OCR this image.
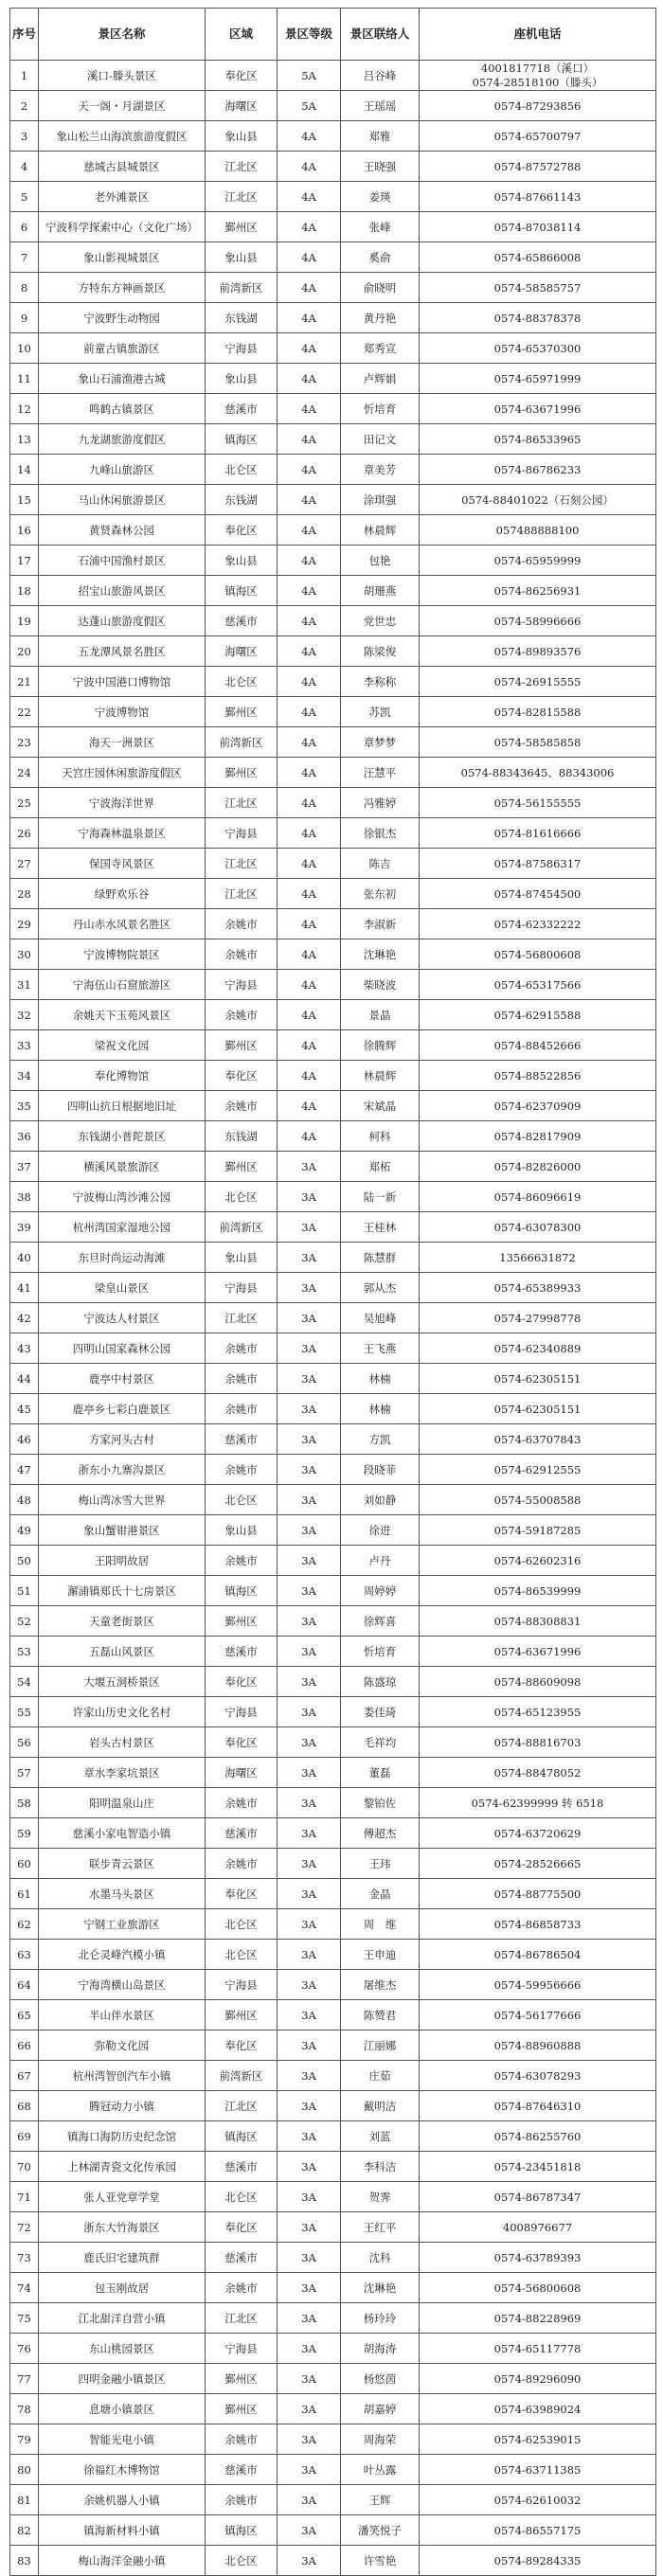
序号	景区名称	区域	景区等级	景区联络人	座机电话
1	溪口-滕头景区	奉化区	5A	吕谷峰	4001817718（溪口）
0574-28518100（滕头）
2	天一阁・月湖景区	海曙区	5A	王瑶瑶	0574-87293856
3	象山松兰山海滨旅游度假区	象山县	4A	郑雅	0574-65700797
4	慈城古县城景区	江北区	4A	王晓强	0574-87572788
5	老外滩景区	江北区	4A	姜瑛	0574-87661143
6	宁波科学探索中心（文化广场）	鄞州区	4A	张峰	0574-87038114
7	象山影视城景区	象山县	4A	奚俞	0574-65866008
8	方特东方神画景区	前湾新区	4A	俞晓明	0574-58585757
9	宁波野生动物园	东钱湖	4A	黄丹艳	0574-88378378
10	前童古镇旅游区	宁海县	4A	郑秀宣	0574-65370300
11	象山石浦渔港古城	象山县	4A	卢辉娟	0574-65971999
12	鸣鹤古镇景区	慈溪市	4A	忻培育	0574-63671996
13	九龙湖旅游度假区	镇海区	4A	田记文	0574-86533965
14	九峰山旅游区	北仑区	4A	章美芳	0574-86786233
15	马山休闲旅游景区	东钱湖	4A	涂琪强	0574-88401022（石刻公园）
16	黄贤森林公园	奉化区	4A	林晨辉	057488888100
17	石浦中国渔村景区	象山县	4A	包艳	0574-65959999
18	招宝山旅游风景区	镇海区	4A	胡珊燕	0574-86256931
19	达蓬山旅游度假区	慈溪市	4A	党世忠	0574-58996666
20	五龙潭风景名胜区	海曙区	4A	陈梁俊	0574-89893576
21	宁波中国港口博物馆	北仑区	4A	李称称	0574-26915555
22	宁波博物馆	鄞州区	4A	苏凯	0574-82815588
23	海天一洲景区	前湾新区	4A	章梦梦	0574-58585858
24	天宫庄园休闲旅游度假区	鄞州区	4A	汪慧平	0574-88343645、88343006
25	宁波海洋世界	江北区	4A	冯雅婷	0574-56155555
26	宁海森林温泉景区	宁海县	4A	徐银杰	0574-81616666
27	保国寺风景区	江北区	4A	陈吉	0574-87586317
28	绿野欢乐谷	江北区	4A	张东初	0574-87454500
29	丹山赤水风景名胜区	余姚市	4A	李淑新	0574-62332222
30	宁波博物院景区	余姚市	4A	沈琳艳	0574-56800608
31	宁海伍山石窟旅游区	宁海县	4A	柴晓波	0574-65317566
32	余姚天下玉苑风景区	余姚市	4A	景晶	0574-62915588
33	梁祝文化园	鄞州区	4A	徐腾辉	0574-88452666
34	奉化博物馆	奉化区	4A	林晨辉	0574-88522856
35	四明山抗日根据地旧址	余姚市	4A	宋斌晶	0574-62370909
36	东钱湖小普陀景区	东钱湖	4A	柯科	0574-82817909
37	横溪风景旅游区	鄞州区	3A	郑柘	0574-82826000
38	宁波梅山湾沙滩公园	北仑区	3A	陆一新	0574-86096619
39	杭州湾国家湿地公园	前湾新区	3A	王桂林	0574-63078300
40	东旦时尚运动海滩	象山县	3A	陈慧群	13566631872
41	梁皇山景区	宁海县	3A	郭从杰	0574-65389933
42	宁波达人村景区	江北区	3A	吴旭峰	0574-27998778
43	四明山国家森林公园	余姚市	3A	王飞燕	0574-62340889
44	鹿亭中村景区	余姚市	3A	林楠	0574-62305151
45	鹿亭乡七彩白鹿景区	余姚市	3A	林楠	0574-62305151
46	方家河头古村	慈溪市	3A	方凯	0574-63707843
47	浙东小九寨沟景区	余姚市	3A	段晓菲	0574-62912555
48	梅山湾冰雪大世界	北仑区	3A	刘如静	0574-55008588
49	象山蟹钳港景区	象山县	3A	徐进	0574-59187285
50	王阳明故居	余姚市	3A	卢丹	0574-62602316
51	澥浦镇郑氏十七房景区	镇海区	3A	周婷婷	0574-86539999
52	天童老街景区	鄞州区	3A	徐辉喜	0574-88308831
53	五磊山风景区	慈溪市	3A	忻培育	0574-63671996
54	大堰五洞桥景区	奉化区	3A	陈盛琼	0574-88609098
55	许家山历史文化名村	宁海县	3A	娄佳琦	0574-65123955
56	岩头古村景区	奉化区	3A	毛祥均	0574-88816703
57	章水李家坑景区	海曙区	3A	董磊	0574-88478052
58	阳明温泉山庄	余姚市	3A	黎铂佐	0574-62399999 转 6518
59	慈溪小家电智造小镇	慈溪市	3A	傅超杰	0574-63720629
60	联步青云景区	余姚市	3A	王玮	0574-28526665
61	水墨马头景区	奉化区	3A	金晶	0574-88775500
62	宁钢工业旅游区	北仑区	3A	周　维	0574-86858733
63	北仑灵峰汽模小镇	北仑区	3A	王申迪	0574-86786504
64	宁海湾横山岛景区	宁海县	3A	屠维杰	0574-59956666
65	半山伴水景区	鄞州区	3A	陈赞君	0574-56177666
66	弥勒文化园	奉化区	3A	江丽娜	0574-88960888
67	杭州湾智创汽车小镇	前湾新区	3A	庄茹	0574-63078293
68	腾冠动力小镇	江北区	3A	戴明洁	0574-87646310
69	镇海口海防历史纪念馆	镇海区	3A	刘蓝	0574-86255760
70	上林湖青瓷文化传承园	慈溪市	3A	李科洁	0574-23451818
71	张人亚党章学堂	北仑区	3A	贺霁	0574-86787347
72	浙东大竹海景区	奉化区	3A	王红平	4008976677
73	鹿氏旧宅建筑群	慈溪市	3A	沈科	0574-63789393
74	包玉刚故居	余姚市	3A	沈琳艳	0574-56800608
75	江北甜洋自营小镇	江北区	3A	杨玲玲	0574-88228969
76	东山桃园景区	宁海县	3A	胡海涛	0574-65117778
77	四明金融小镇景区	鄞州区	3A	杨悠茵	0574-89296090
78	息塘小镇景区	鄞州区	3A	胡嘉婷	0574-63989024
79	智能光电小镇	余姚市	3A	周海荣	0574-62539015
80	徐福红木博物馆	慈溪市	3A	叶丛露	0574-63711385
81	余姚机器人小镇	余姚市	3A	王辉	0574-62610032
82	镇海新材料小镇	镇海区	3A	潘笑悦子	0574-86557175
83	梅山海洋金融小镇	北仑区	3A	许雪艳	0574-89284335
